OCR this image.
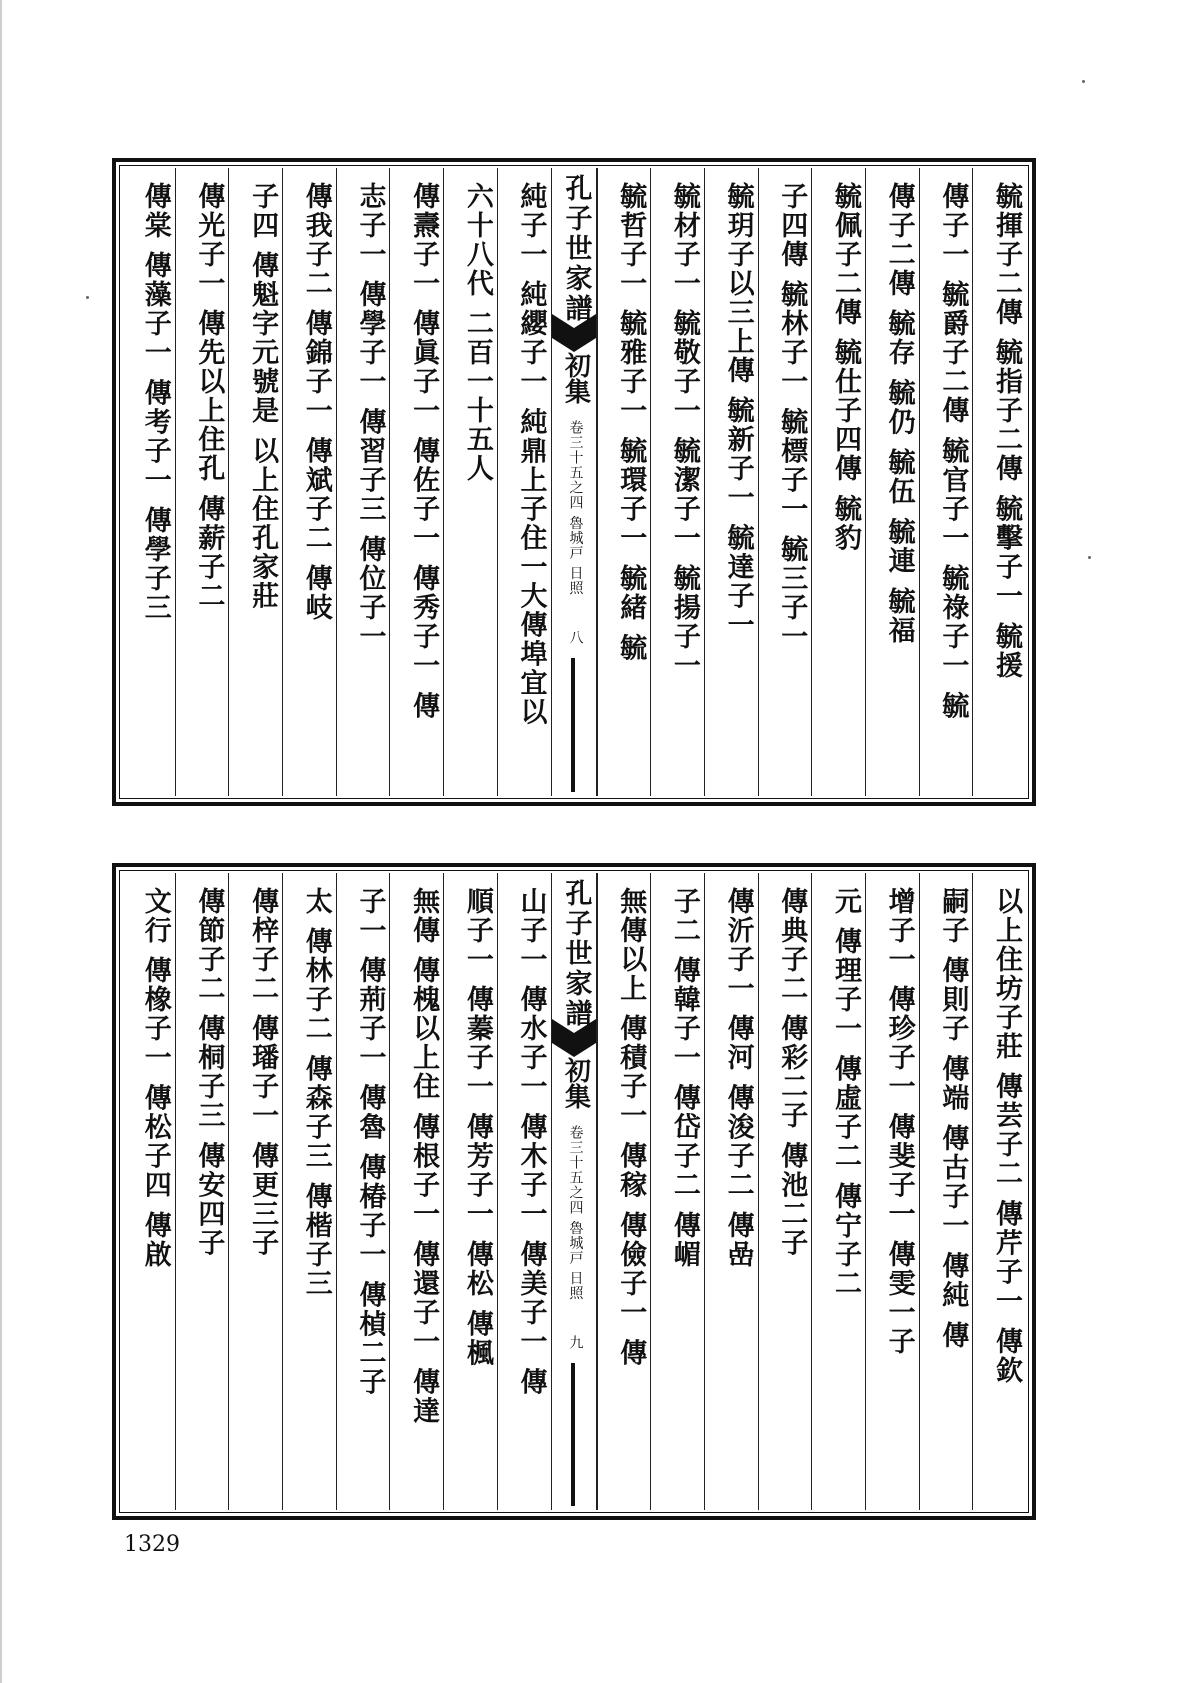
毓揮子二傳 毓指子二傳 毓擊子一 毓援
傳子一 毓爵子二傳 毓官子一 毓祿子一 毓
傳子二傳 毓存 毓仍 毓伍 毓連 毓福
毓佩子二傳 毓仕子四傳 毓豹
子四傳 毓林子一 毓標子一 毓三子一
毓玥子以三上傳 毓新子一 毓達子一
毓材子一 毓敬子一 毓潔子一 毓揚子一
毓哲子一 毓雅子一 毓環子一 毓緒 毓
孔子世家譜
初集
卷三十五之四 魯城戸 日照
八
純子一 純纓子一 純鼎上子住一大傳埠宜以
六十八代 二百一十五人
傳燾子一 傳眞子一 傳佐子一 傳秀子一 傳
志子一 傳學子一 傳習子三 傳位子一
傳我子二 傳錦子一 傳斌子二 傳岐
子四 傳魁字元號是 以上住孔家莊
傳光子一 傳先以上住孔 傳薪子二
傳棠 傳藻子一 傳考子一 傳學子三
以上住坊子莊 傳芸子二 傳芹子一 傳欽
嗣子 傳則子 傳端 傳古子一 傳純 傳
增子一 傳珍子一 傳斐子一 傳雯一子
元 傳理子一 傳虛子二 傳宁子二
傳典子二 傳彩二子 傳池二子
傳沂子一 傳河 傳浚子二 傳嵒
子二 傳韓子一 傳岱子二 傳嵋
無傳以上 傳積子一 傳稼 傳儉子一 傳
孔子世家譜
初集
卷三十五之四 魯城戸 日照
九
山子一 傳水子一 傳木子一 傳美子一 傳
順子一 傳蓁子一 傳芳子一 傳松 傳楓
無傳 傳槐以上住 傳根子一 傳還子一 傳達
子一 傳荊子一 傳魯 傳椿子一 傳楨二子
太 傳林子二 傳森子三 傳楷子三
傳梓子二 傳璠子一 傳更三子
傳節子二 傳桐子三 傳安四子
文行 傳橡子一 傳松子四 傳啟
1329
